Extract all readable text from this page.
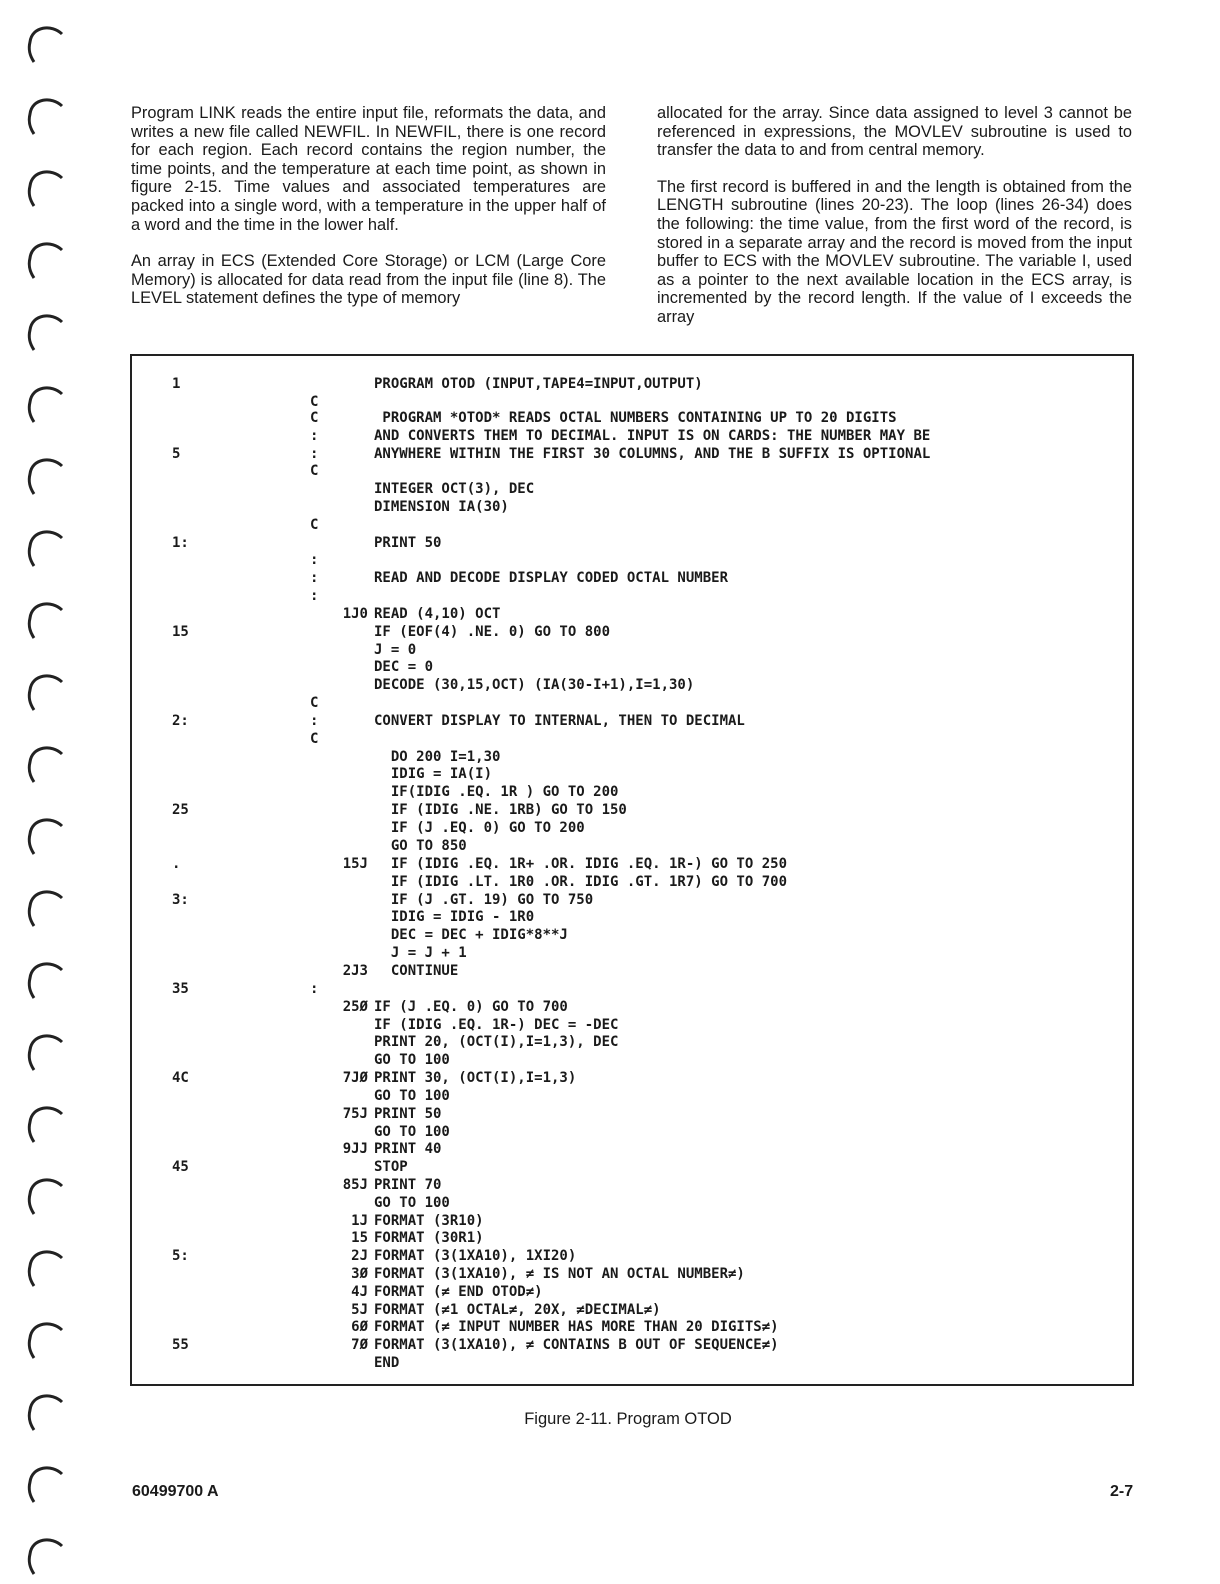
Program LINK reads the entire input file, reformats the data, and writes a new file called NEWFIL. In NEWFIL, there is one record for each region. Each record contains the region number, the time points, and the temperature at each time point, as shown in figure 2-15. Time values and associated temperatures are packed into a single word, with a temperature in the upper half of a word and the time in the lower half.

An array in ECS (Extended Core Storage) or LCM (Large Core Memory) is allocated for data read from the input file (line 8). The LEVEL statement defines the type of memory

allocated for the array. Since data assigned to level 3 cannot be referenced in expressions, the MOVLEV subroutine is used to transfer the data to and from central memory.

The first record is buffered in and the length is obtained from the LENGTH subroutine (lines 20-23). The loop (lines 26-34) does the following: the time value, from the first word of the record, is stored in a separate array and the record is moved from the input buffer to ECS with the MOVLEV subroutine. The variable I, used as a pointer to the next available location in the ECS array, is incremented by the record length. If the value of I exceeds the array

1
5
1:
15
2:
25
.
3:
35
4C
45
5:
55
C
C
:
:
C
C
:
:
:
C
:
C
:
1J0
15J
2J3
25Ø
7JØ
75J
9JJ
85J
1J
15
2J
3Ø
4J
5J
6Ø
7Ø
PROGRAM OTOD (INPUT,TAPE4=INPUT,OUTPUT)
PROGRAM *OTOD* READS OCTAL NUMBERS CONTAINING UP TO 20 DIGITS
AND CONVERTS THEM TO DECIMAL. INPUT IS ON CARDS: THE NUMBER MAY BE
ANYWHERE WITHIN THE FIRST 30 COLUMNS, AND THE B SUFFIX IS OPTIONAL
INTEGER OCT(3), DEC
DIMENSION IA(30)
PRINT 50
READ AND DECODE DISPLAY CODED OCTAL NUMBER
READ (4,10) OCT
IF (EOF(4) .NE. 0) GO TO 800
J = 0
DEC = 0
DECODE (30,15,OCT) (IA(30-I+1),I=1,30)
CONVERT DISPLAY TO INTERNAL, THEN TO DECIMAL
DO 200 I=1,30
IDIG = IA(I)
IF(IDIG .EQ. 1R ) GO TO 200
IF (IDIG .NE. 1RB) GO TO 150
IF (J .EQ. 0) GO TO 200
GO TO 850
IF (IDIG .EQ. 1R+ .OR. IDIG .EQ. 1R-) GO TO 250
IF (IDIG .LT. 1R0 .OR. IDIG .GT. 1R7) GO TO 700
IF (J .GT. 19) GO TO 750
IDIG = IDIG - 1R0
DEC = DEC + IDIG*8**J
J = J + 1
CONTINUE
IF (J .EQ. 0) GO TO 700
IF (IDIG .EQ. 1R-) DEC = -DEC
PRINT 20, (OCT(I),I=1,3), DEC
GO TO 100
PRINT 30, (OCT(I),I=1,3)
GO TO 100
PRINT 50
GO TO 100
PRINT 40
STOP
PRINT 70
GO TO 100
FORMAT (3R10)
FORMAT (30R1)
FORMAT (3(1XA10), 1XI20)
FORMAT (3(1XA10), ≠ IS NOT AN OCTAL NUMBER≠)
FORMAT (≠ END OTOD≠)
FORMAT (≠1 OCTAL≠, 20X, ≠DECIMAL≠)
FORMAT (≠ INPUT NUMBER HAS MORE THAN 20 DIGITS≠)
FORMAT (3(1XA10), ≠ CONTAINS B OUT OF SEQUENCE≠)
END
Figure 2-11. Program OTOD
60499700 A	2-7
